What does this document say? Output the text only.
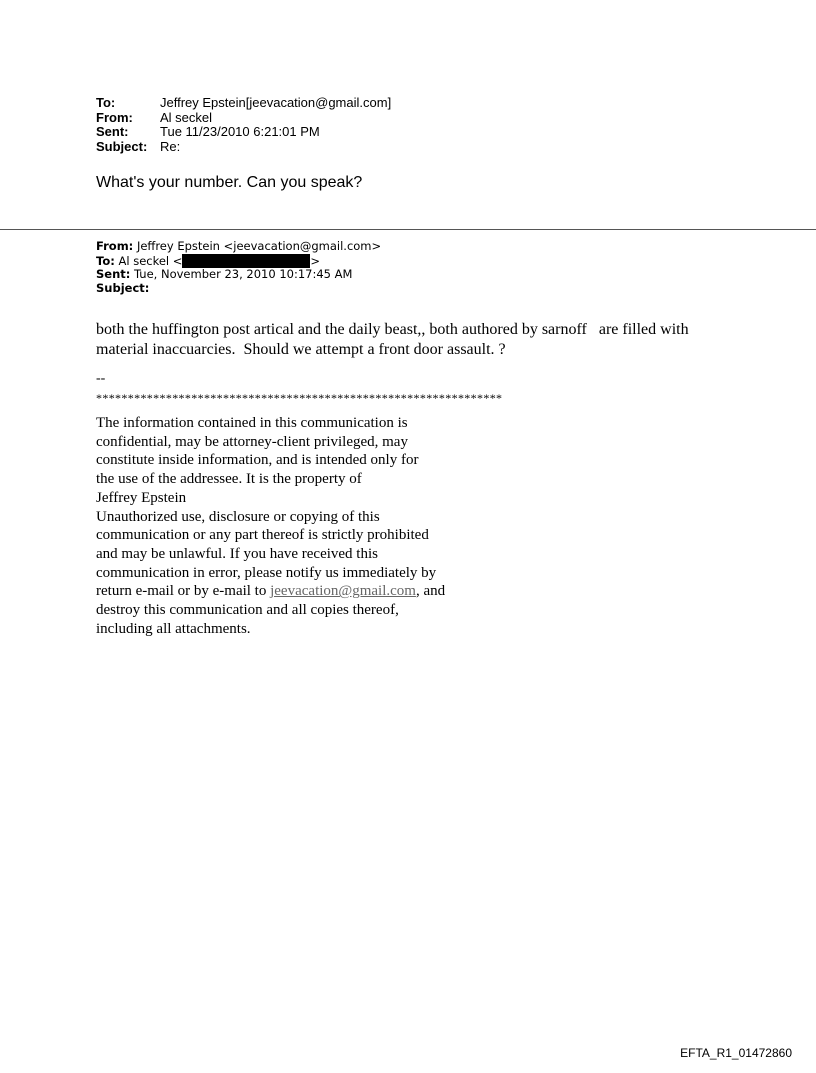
To:	Jeffrey Epstein[jeevacation@gmail.com]
From:	Al seckel
Sent:	Tue 11/23/2010 6:21:01 PM
Subject: Re:
What's your number. Can you speak?
From: Jeffrey Epstein <jeevacation@gmail.com>
To: Al seckel <	>
Sent: Tue, November 23, 2010 10:17:45 AM
Subject:
both the huffington post artical and the daily beast,, both authored by sarnoff   are filled with
material inaccuarcies.  Should we attempt a front door assault. ?
--
****************************************************************
The information contained in this communication is
confidential, may be attorney-client privileged, may
constitute inside information, and is intended only for
the use of the addressee. It is the property of
Jeffrey Epstein
Unauthorized use, disclosure or copying of this
communication or any part thereof is strictly prohibited
and may be unlawful. If you have received this
communication in error, please notify us immediately by
return e-mail or by e-mail to jeevacation@gmail.com, and
destroy this communication and all copies thereof,
including all attachments.
EFTA_R1_01472860
